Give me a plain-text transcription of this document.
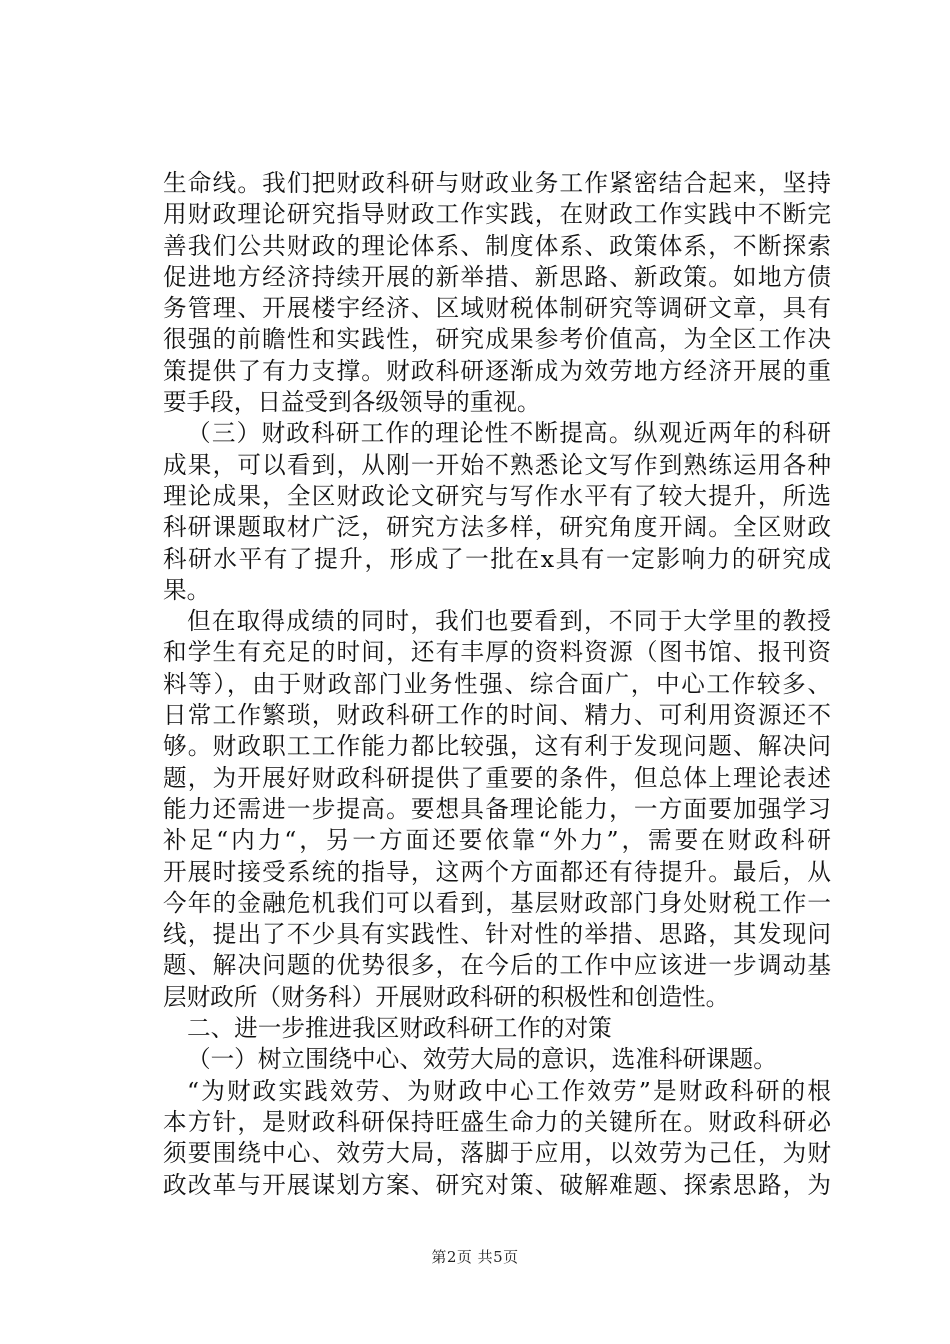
生命线。我们把财政科研与财政业务工作紧密结合起来，坚持
用财政理论研究指导财政工作实践，在财政工作实践中不断完
善我们公共财政的理论体系、制度体系、政策体系，不断探索
促进地方经济持续开展的新举措、新思路、新政策。如地方债
务管理、开展楼宇经济、区域财税体制研究等调研文章，具有
很强的前瞻性和实践性，研究成果参考价值高，为全区工作决
策提供了有力支撑。财政科研逐渐成为效劳地方经济开展的重
要手段，日益受到各级领导的重视。
（三）财政科研工作的理论性不断提高。纵观近两年的科研
成果，可以看到，从刚一开始不熟悉论文写作到熟练运用各种
理论成果，全区财政论文研究与写作水平有了较大提升，所选
科研课题取材广泛，研究方法多样，研究角度开阔。全区财政
科研水平有了提升，形成了一批在x具有一定影响力的研究成
果。
但在取得成绩的同时，我们也要看到，不同于大学里的教授
和学生有充足的时间，还有丰厚的资料资源（图书馆、报刊资
料等），由于财政部门业务性强、综合面广，中心工作较多、
日常工作繁琐，财政科研工作的时间、精力、可利用资源还不
够。财政职工工作能力都比较强，这有利于发现问题、解决问
题，为开展好财政科研提供了重要的条件，但总体上理论表述
能力还需进一步提高。要想具备理论能力，一方面要加强学习
补足“内力“，另一方面还要依靠“外力”，需要在财政科研
开展时接受系统的指导，这两个方面都还有待提升。最后，从
今年的金融危机我们可以看到，基层财政部门身处财税工作一
线，提出了不少具有实践性、针对性的举措、思路，其发现问
题、解决问题的优势很多，在今后的工作中应该进一步调动基
层财政所（财务科）开展财政科研的积极性和创造性。
二、进一步推进我区财政科研工作的对策
（一）树立围绕中心、效劳大局的意识，选准科研课题。
“为财政实践效劳、为财政中心工作效劳”是财政科研的根
本方针，是财政科研保持旺盛生命力的关键所在。财政科研必
须要围绕中心、效劳大局，落脚于应用，以效劳为己任，为财
政改革与开展谋划方案、研究对策、破解难题、探索思路，为
第2页 共5页
